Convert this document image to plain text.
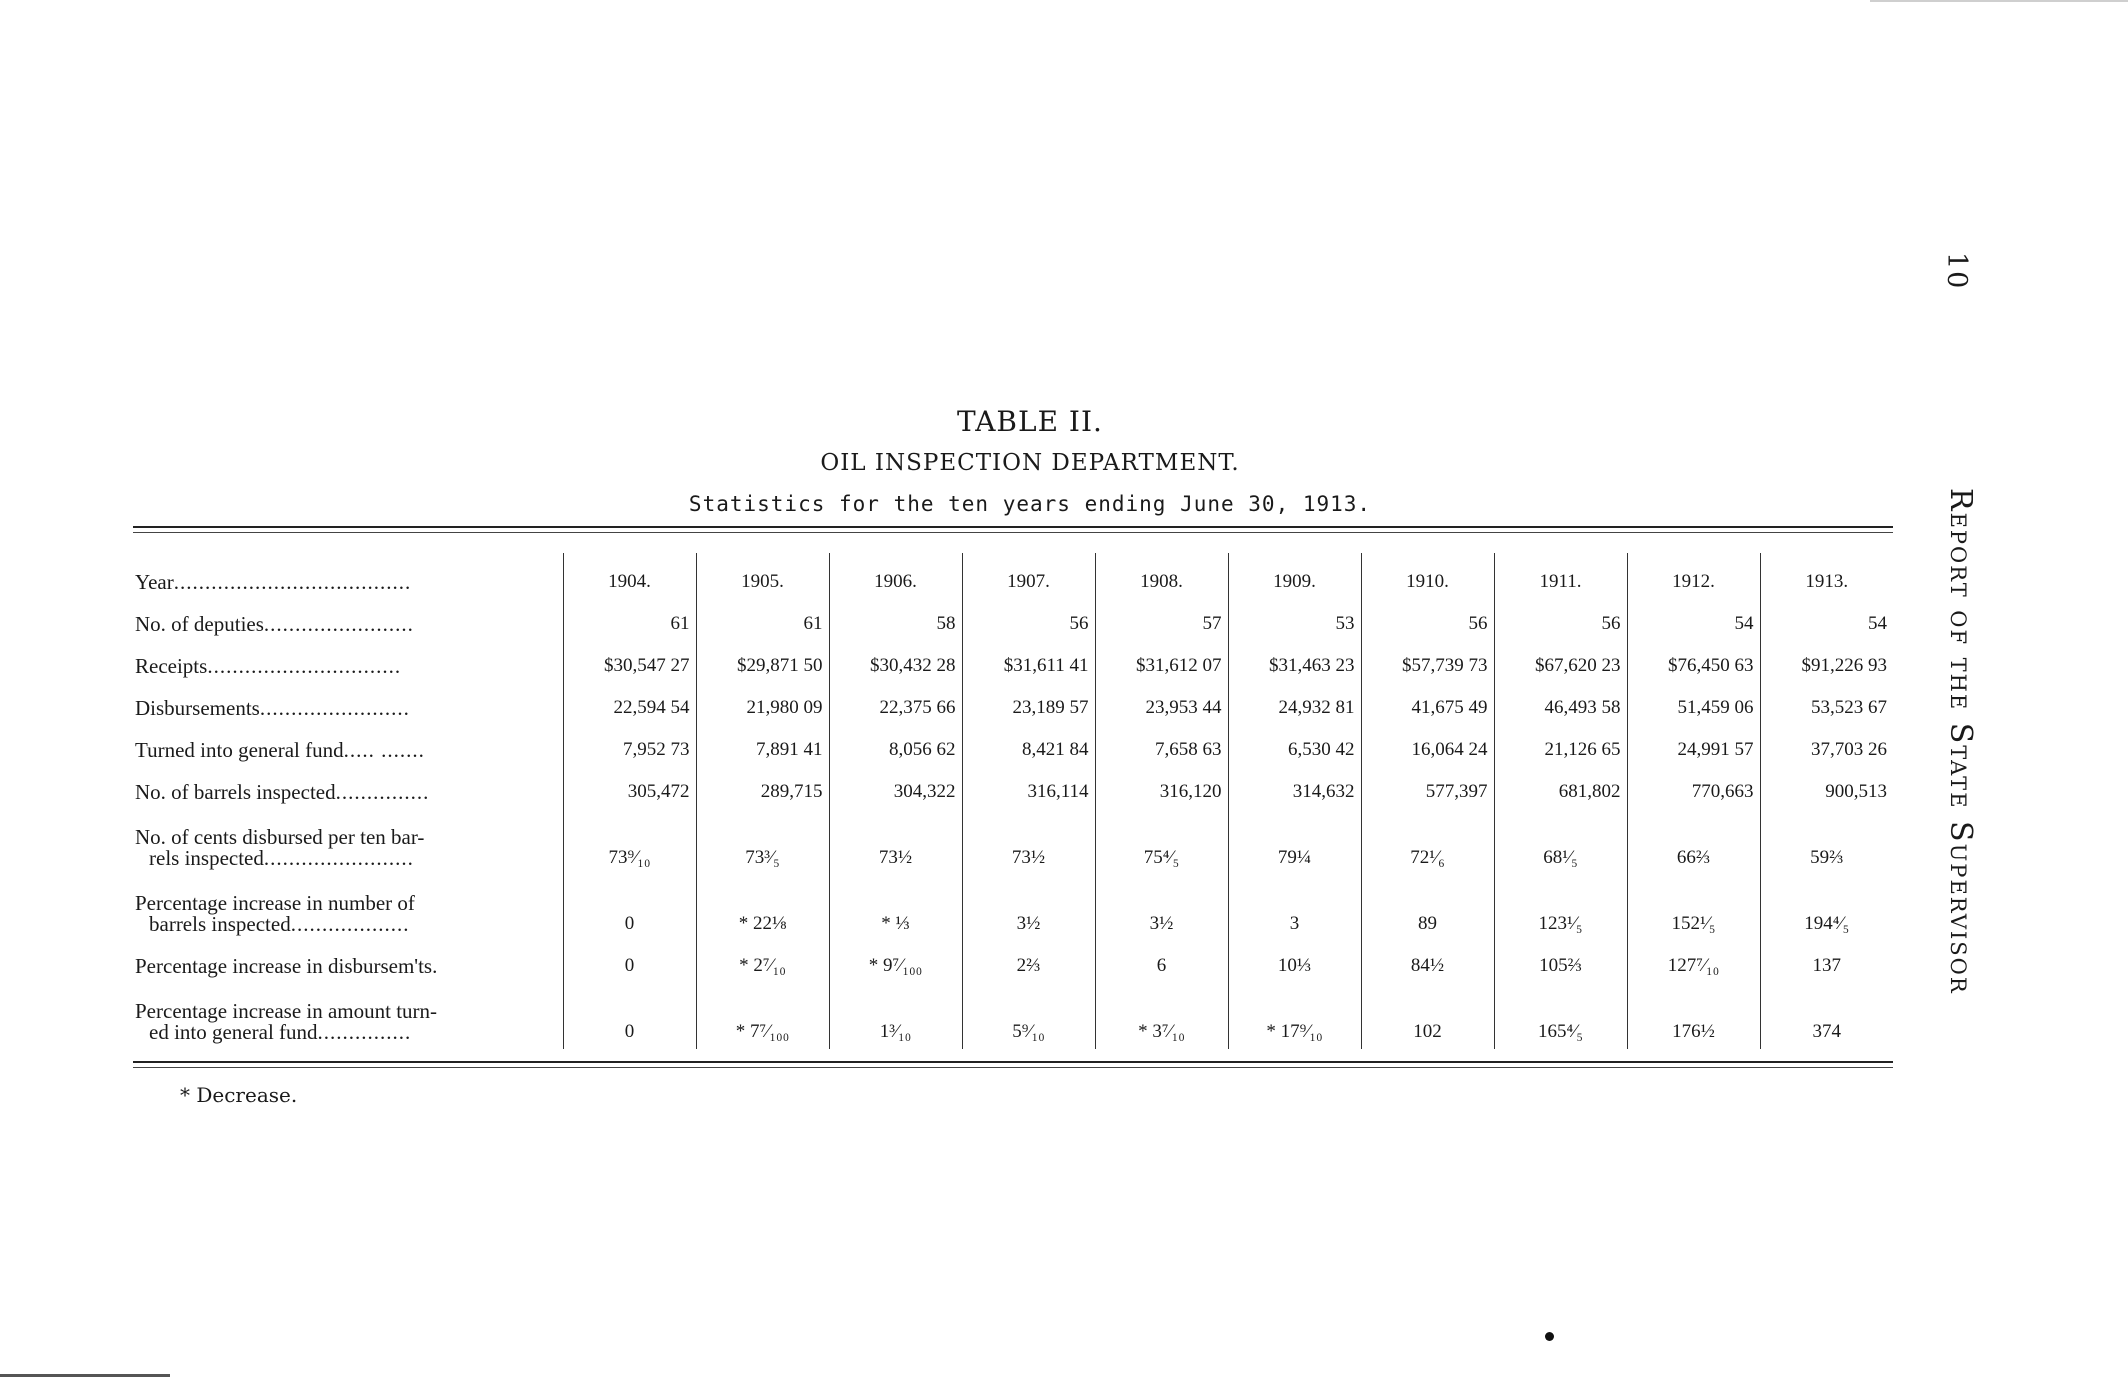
10
Report of the State Supervisor
TABLE II.
OIL INSPECTION DEPARTMENT.
Statistics for the ten years ending June 30, 1913.
Year......................................	1904.	1905.	1906.	1907.	1908.	1909.	1910.	1911.	1912.	1913.
No. of deputies........................	61	61	58	56	57	53	56	56	54	54
Receipts...............................	$30,547 27	$29,871 50	$30,432 28	$31,611 41	$31,612 07	$31,463 23	$57,739 73	$67,620 23	$76,450 63	$91,226 93
Disbursements........................	22,594 54	21,980 09	22,375 66	23,189 57	23,953 44	24,932 81	41,675 49	46,493 58	51,459 06	53,523 67
Turned into general fund..... .......	7,952 73	7,891 41	8,056 62	8,421 84	7,658 63	6,530 42	16,064 24	21,126 65	24,991 57	37,703 26
No. of barrels inspected...............	305,472	289,715	304,322	316,114	316,120	314,632	577,397	681,802	770,663	900,513
No. of cents disbursed per ten bar-
rels inspected........................	73⁹⁄₁₀	73³⁄₅	73½	73½	75⁴⁄₅	79¼	72¹⁄₆	68¹⁄₅	66⅔	59⅔
Percentage increase in number of
barrels inspected...................	0	* 22⅛	* ⅓	3½	3½	3	89	123¹⁄₅	152¹⁄₅	194⁴⁄₅
Percentage increase in disbursem'ts.	0	* 2⁷⁄₁₀	* 9⁷⁄₁₀₀	2⅔	6	10⅓	84½	105⅔	127⁷⁄₁₀	137
Percentage increase in amount turn-
ed into general fund...............	0	* 7⁷⁄₁₀₀	1³⁄₁₀	5⁹⁄₁₀	* 3⁷⁄₁₀	* 17⁹⁄₁₀	102	165⁴⁄₅	176½	374
* Decrease.
